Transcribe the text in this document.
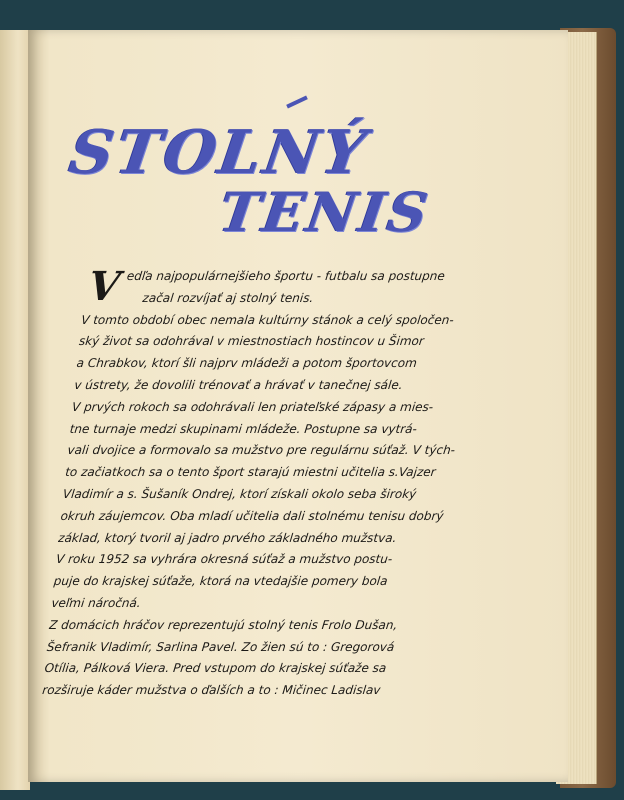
STOLNÝ
TENIS
V edľa najpopulárnejšieho športu - futbalu sa postupne
začal rozvíjať aj stolný tenis.
V tomto období obec nemala kultúrny stánok a celý spoločen-
ský život sa odohrával v miestnostiach hostincov u Šimor
a Chrabkov, ktorí šli najprv mládeži a potom športovcom
v ústrety, že dovolili trénovať a hrávať v tanečnej sále.
V prvých rokoch sa odohrávali len priateľské zápasy a mies-
tne turnaje medzi skupinami mládeže. Postupne sa vytrá-
vali dvojice a formovalo sa mužstvo pre regulárnu súťaž. V tých-
to začiatkoch sa o tento šport starajú miestni učitelia s.Vajzer
Vladimír a s. Šušaník Ondrej, ktorí získali okolo seba široký
okruh záujemcov. Oba mladí učitelia dali stolnému tenisu dobrý
základ, ktorý tvoril aj jadro prvého základného mužstva.
V roku 1952 sa vyhrára okresná súťaž a mužstvo postu-
puje do krajskej súťaže, ktorá na vtedajšie pomery bola
veľmi náročná.
Z domácich hráčov reprezentujú stolný tenis Frolo Dušan,
Šefranik Vladimír, Sarlina Pavel. Zo žien sú to : Gregorová
Otília, Pálková Viera. Pred vstupom do krajskej súťaže sa
rozširuje káder mužstva o ďalších a to : Mičinec Ladislav
